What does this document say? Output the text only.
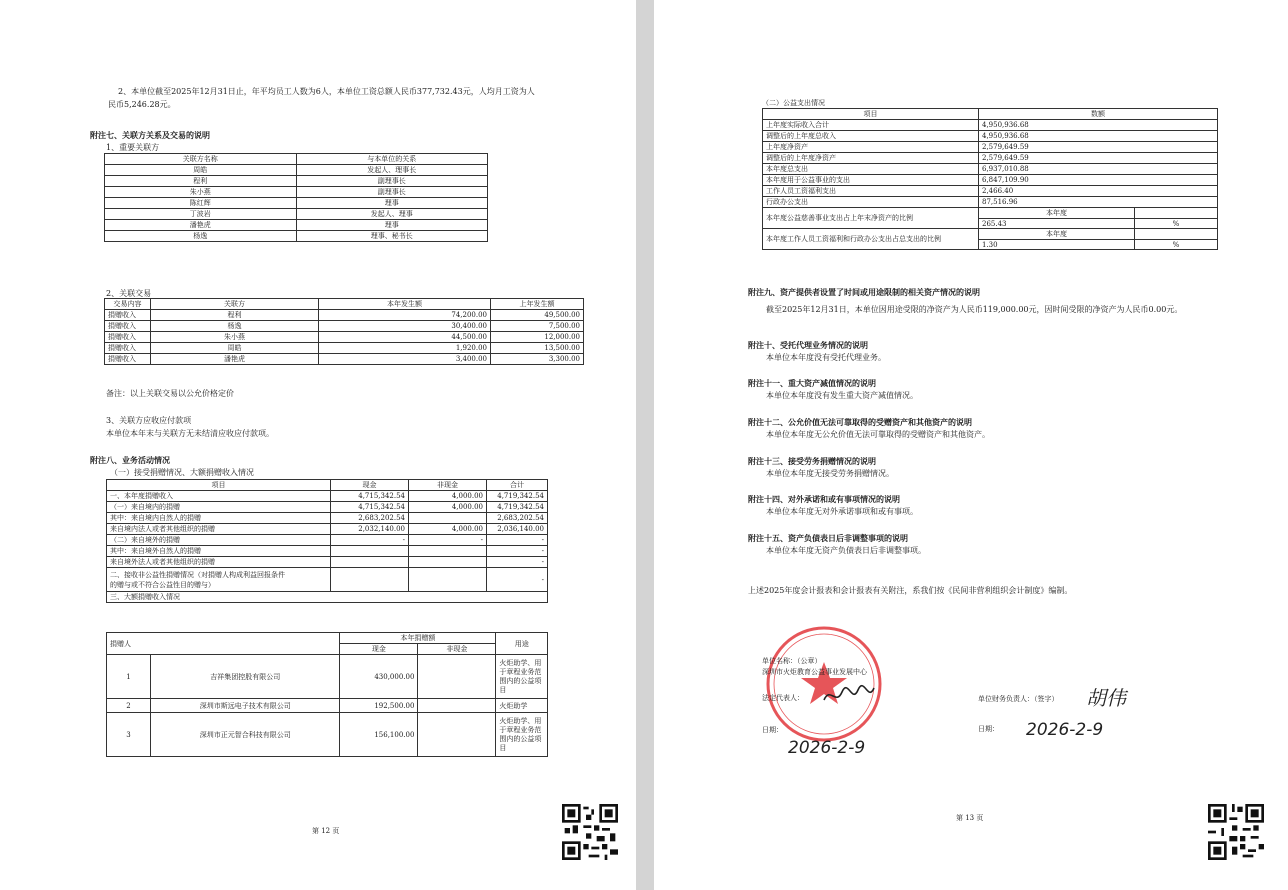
2、本单位截至2025年12月31日止，年平均员工人数为6人，本单位工资总额人民币377,732.43元，人均月工资为人
民币5,246.28元。
附注七、关联方关系及交易的说明
1、重要关联方
关联方名称	与本单位的关系
周皓	发起人、理事长
程利	副理事长
朱小燕	副理事长
陈红辉	理事
丁波岩	发起人、理事
潘艳虎	理事
杨逸	理事、秘书长
2、关联交易
交易内容	关联方	本年发生额	上年发生额
捐赠收入	程利	74,200.00	49,500.00
捐赠收入	杨逸	30,400.00	7,500.00
捐赠收入	朱小燕	44,500.00	12,000.00
捐赠收入	周皓	1,920.00	13,500.00
捐赠收入	潘艳虎	3,400.00	3,300.00
备注：以上关联交易以公允价格定价
3、关联方应收应付款项
本单位本年末与关联方无未结清应收应付款项。
附注八、业务活动情况
（一）接受捐赠情况、大额捐赠收入情况
项目	现金	非现金	合计
一、本年度捐赠收入	4,715,342.54	4,000.00	4,719,342.54
（一）来自境内的捐赠	4,715,342.54	4,000.00	4,719,342.54
其中：来自境内自然人的捐赠	2,683,202.54		2,683,202.54
来自境内法人或者其他组织的捐赠	2,032,140.00	4,000.00	2,036,140.00
（二）来自境外的捐赠	-	-	-
其中：来自境外自然人的捐赠			-
来自境外法人或者其他组织的捐赠			-

二、接收非公益性捐赠情况（对捐赠人构成利益回报条件
的赠与或不符合公益性目的赠与）			-
三、大额捐赠收入情况			
捐赠人		本年捐赠额		用途
		现金	非现金	
1	吉祥集团控股有限公司	430,000.00		火炬助学、用
于章程业务范
围内的公益项
目

2	深圳市斯远电子技术有限公司	192,500.00		火炬助学
3	深圳市正元智合科技有限公司	156,100.00		火炬助学、用
于章程业务范
围内的公益项
目
第 12 页
（二）公益支出情况
项目	数额	
上年度实际收入合计	4,950,936.68	
调整后的上年度总收入	4,950,936.68	
上年度净资产	2,579,649.59	
调整后的上年度净资产	2,579,649.59	
本年度总支出	6,937,010.88	
本年度用于公益事业的支出	6,847,109.90	
工作人员工资福利支出	2,466.40	
行政办公支出	87,516.96	
本年度公益慈善事业支出占上年末净资产的比例	本年度	
	265.43	%
本年度工作人员工资福利和行政办公支出占总支出的比例	本年度	
	1.30	%
附注九、资产提供者设置了时间或用途限制的相关资产情况的说明
截至2025年12月31日，本单位因用途受限的净资产为人民币119,000.00元，因时间受限的净资产为人民币0.00元。
附注十、受托代理业务情况的说明
本单位本年度没有受托代理业务。
附注十一、重大资产减值情况的说明
本单位本年度没有发生重大资产减值情况。
附注十二、公允价值无法可靠取得的受赠资产和其他资产的说明
本单位本年度无公允价值无法可靠取得的受赠资产和其他资产。
附注十三、接受劳务捐赠情况的说明
本单位本年度无接受劳务捐赠情况。
附注十四、对外承诺和或有事项情况的说明
本单位本年度无对外承诺事项和或有事项。
附注十五、资产负债表日后非调整事项的说明
本单位本年度无资产负债表日后非调整事项。
上述2025年度会计报表和会计报表有关附注，系我们按《民间非营利组织会计制度》编制。
单位名称：（公章）
深圳市火炬教育公益事业发展中心
法定代表人：
日期：
2026-2-9
单位财务负责人：（签字） 胡伟
日期： 2026-2-9
第 13 页
